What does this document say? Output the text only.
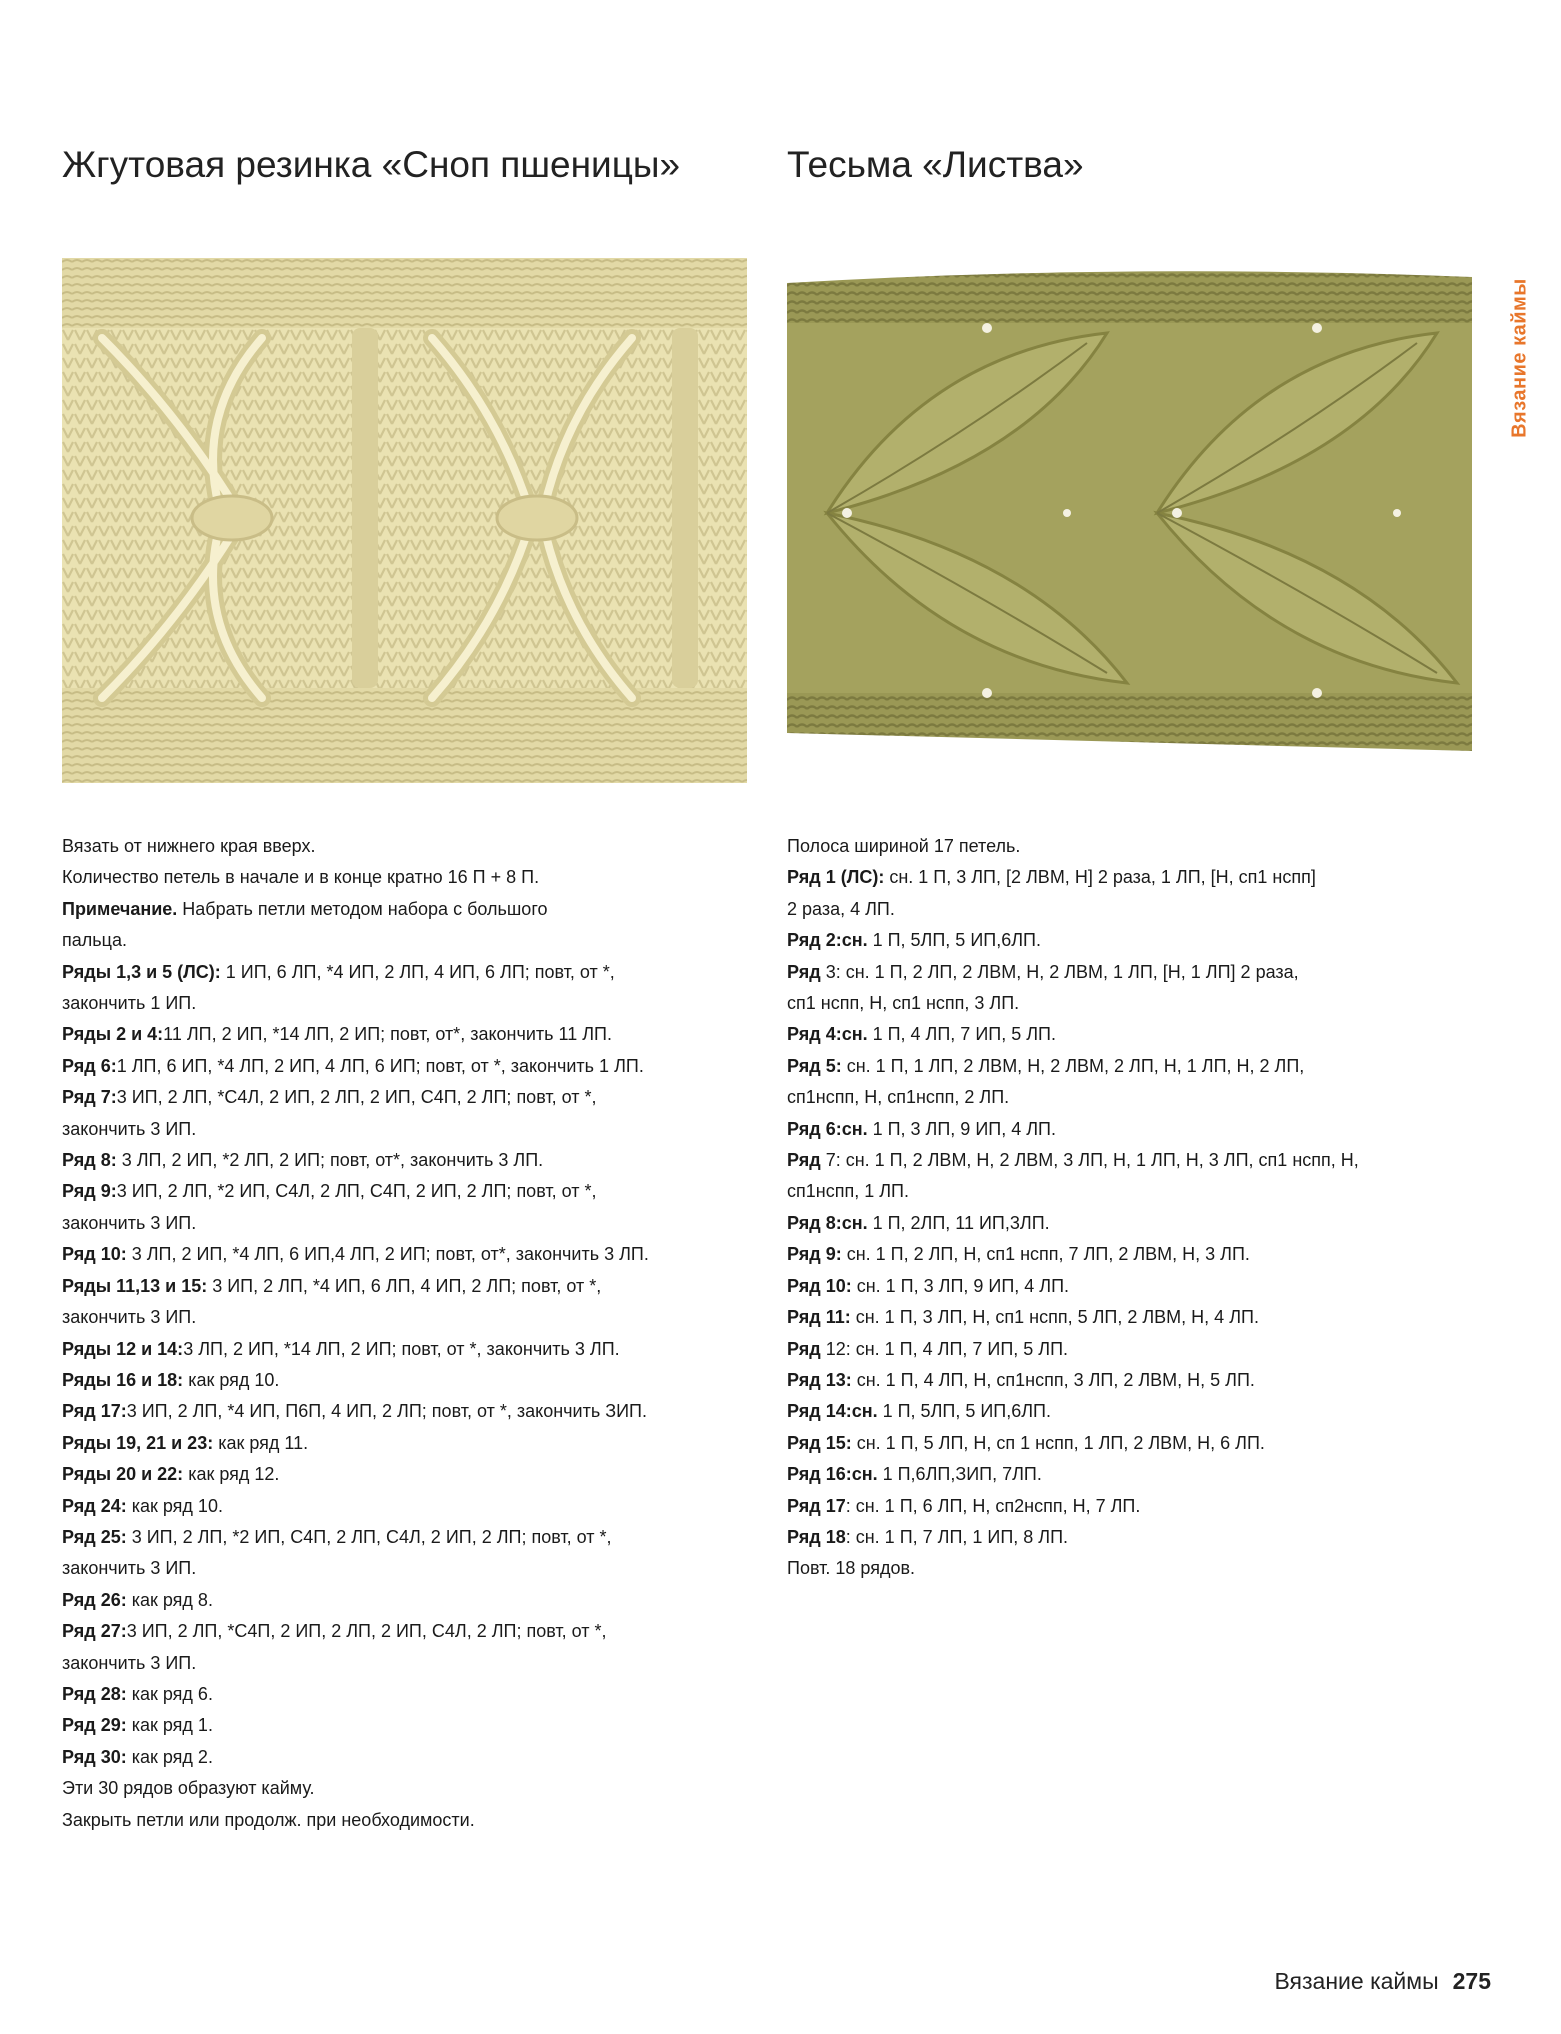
Жгутовая резинка «Сноп пшеницы»	Тесьма «Листва»
Вязание каймы

Вязать от нижнего края вверх.

Количество петель в начале и в конце кратно 16 П + 8 П.

Примечание. Набрать петли методом набора с большого

пальца.

Ряды 1,3 и 5 (ЛС): 1 ИП, 6 ЛП, *4 ИП, 2 ЛП, 4 ИП, 6 ЛП; повт, от *,

закончить 1 ИП.

Ряды 2 и 4:11 ЛП, 2 ИП, *14 ЛП, 2 ИП; повт, от*, закончить 11 ЛП.

Ряд 6:1 ЛП, 6 ИП, *4 ЛП, 2 ИП, 4 ЛП, 6 ИП; повт, от *, закончить 1 ЛП.

Ряд 7:3 ИП, 2 ЛП, *С4Л, 2 ИП, 2 ЛП, 2 ИП, С4П, 2 ЛП; повт, от *,

закончить 3 ИП.

Ряд 8: 3 ЛП, 2 ИП, *2 ЛП, 2 ИП; повт, от*, закончить 3 ЛП.

Ряд 9:3 ИП, 2 ЛП, *2 ИП, С4Л, 2 ЛП, С4П, 2 ИП, 2 ЛП; повт, от *,

закончить 3 ИП.

Ряд 10: 3 ЛП, 2 ИП, *4 ЛП, 6 ИП,4 ЛП, 2 ИП; повт, от*, закончить 3 ЛП.

Ряды 11,13 и 15: 3 ИП, 2 ЛП, *4 ИП, 6 ЛП, 4 ИП, 2 ЛП; повт, от *,

закончить 3 ИП.

Ряды 12 и 14:3 ЛП, 2 ИП, *14 ЛП, 2 ИП; повт, от *, закончить 3 ЛП.

Ряды 16 и 18: как ряд 10.

Ряд 17:3 ИП, 2 ЛП, *4 ИП, П6П, 4 ИП, 2 ЛП; повт, от *, закончить ЗИП.

Ряды 19, 21 и 23: как ряд 11.

Ряды 20 и 22: как ряд 12.

Ряд 24: как ряд 10.

Ряд 25: 3 ИП, 2 ЛП, *2 ИП, С4П, 2 ЛП, С4Л, 2 ИП, 2 ЛП; повт, от *,

закончить 3 ИП.

Ряд 26: как ряд 8.

Ряд 27:3 ИП, 2 ЛП, *С4П, 2 ИП, 2 ЛП, 2 ИП, С4Л, 2 ЛП; повт, от *,

закончить 3 ИП.

Ряд 28: как ряд 6.

Ряд 29: как ряд 1.

Ряд 30: как ряд 2.

Эти 30 рядов образуют кайму.

Закрыть петли или продолж. при необходимости.

Полоса шириной 17 петель.

Ряд 1 (ЛС): сн. 1 П, 3 ЛП, [2 ЛВМ, Н] 2 раза, 1 ЛП, [Н, сп1 нспп]

2 раза, 4 ЛП.

Ряд 2:сн. 1 П, 5ЛП, 5 ИП,6ЛП.

Ряд 3: сн. 1 П, 2 ЛП, 2 ЛВМ, Н, 2 ЛВМ, 1 ЛП, [Н, 1 ЛП] 2 раза,

сп1 нспп, Н, сп1 нспп, 3 ЛП.

Ряд 4:сн. 1 П, 4 ЛП, 7 ИП, 5 ЛП.

Ряд 5: сн. 1 П, 1 ЛП, 2 ЛВМ, Н, 2 ЛВМ, 2 ЛП, Н, 1 ЛП, Н, 2 ЛП,

сп1нспп, Н, сп1нспп, 2 ЛП.

Ряд 6:сн. 1 П, 3 ЛП, 9 ИП, 4 ЛП.

Ряд 7: сн. 1 П, 2 ЛВМ, Н, 2 ЛВМ, 3 ЛП, Н, 1 ЛП, Н, 3 ЛП, сп1 нспп, Н,

сп1нспп, 1 ЛП.

Ряд 8:сн. 1 П, 2ЛП, 11 ИП,3ЛП.

Ряд 9: сн. 1 П, 2 ЛП, Н, сп1 нспп, 7 ЛП, 2 ЛВМ, Н, 3 ЛП.

Ряд 10: сн. 1 П, 3 ЛП, 9 ИП, 4 ЛП.

Ряд 11: сн. 1 П, 3 ЛП, Н, сп1 нспп, 5 ЛП, 2 ЛВМ, Н, 4 ЛП.

Ряд 12: сн. 1 П, 4 ЛП, 7 ИП, 5 ЛП.

Ряд 13: сн. 1 П, 4 ЛП, Н, сп1нспп, 3 ЛП, 2 ЛВМ, Н, 5 ЛП.

Ряд 14:сн. 1 П, 5ЛП, 5 ИП,6ЛП.

Ряд 15: сн. 1 П, 5 ЛП, Н, сп 1 нспп, 1 ЛП, 2 ЛВМ, Н, 6 ЛП.

Ряд 16:сн. 1 П,6ЛП,ЗИП, 7ЛП.

Ряд 17: сн. 1 П, 6 ЛП, Н, сп2нспп, Н, 7 ЛП.

Ряд 18: сн. 1 П, 7 ЛП, 1 ИП, 8 ЛП.

Повт. 18 рядов.

Вязание каймы 275
